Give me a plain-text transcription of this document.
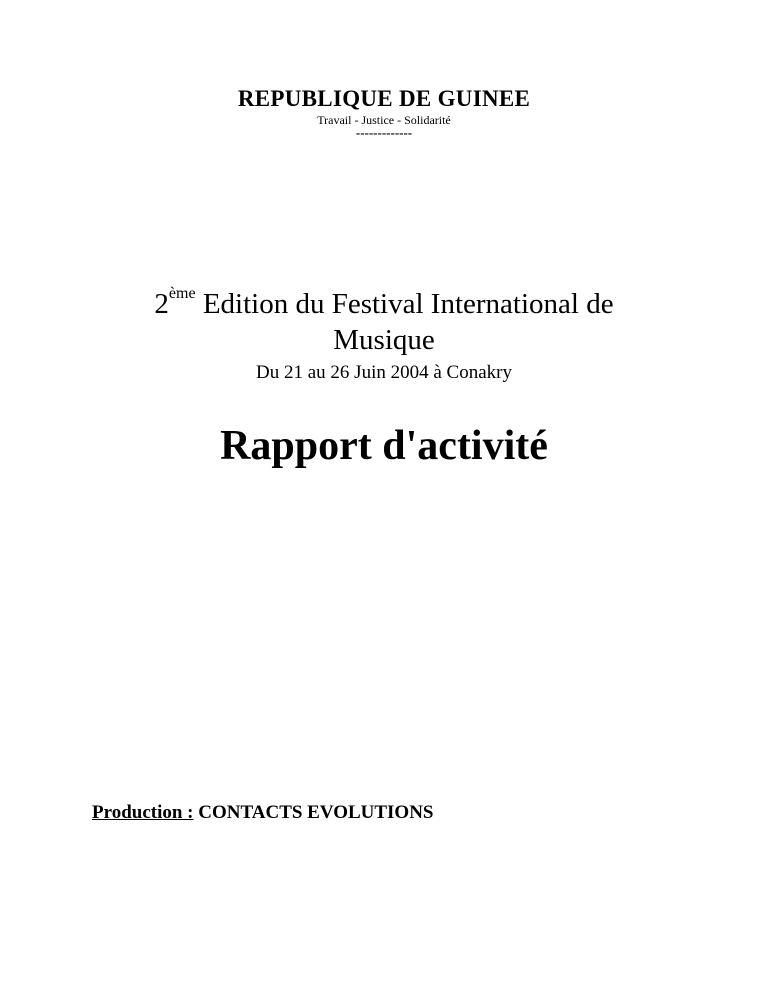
REPUBLIQUE DE GUINEE
Travail - Justice - Solidarité
-------------
2ème Edition du Festival International de
Musique
Du 21 au 26 Juin 2004 à Conakry
Rapport d'activité
Production : CONTACTS EVOLUTIONS
